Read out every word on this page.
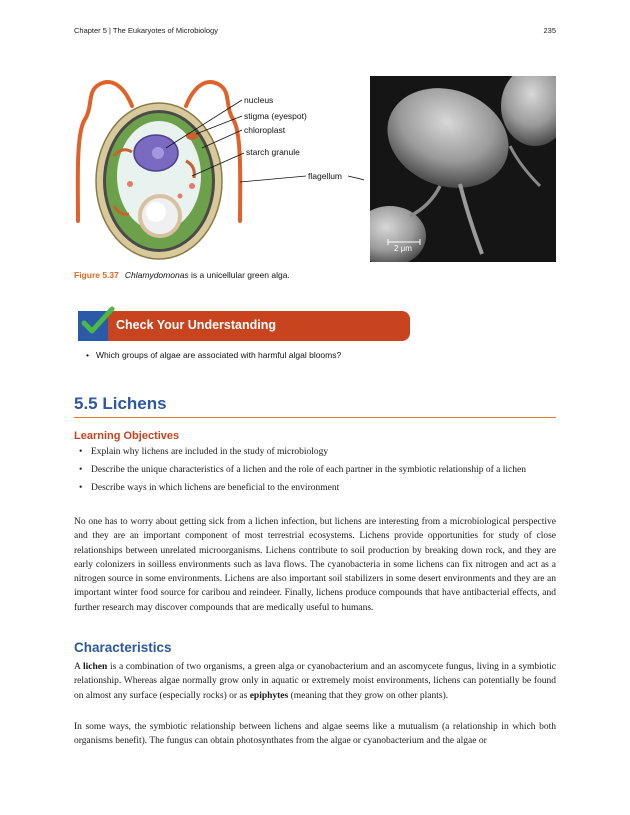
Chapter 5 | The Eukaryotes of Microbiology	235
nucleus
stigma (eyespot)
chloroplast
starch granule
flagellum
2 μm
Figure 5.37 Chlamydomonas is a unicellular green alga.
Check Your Understanding
• Which groups of algae are associated with harmful algal blooms?
5.5 Lichens
Learning Objectives
• Explain why lichens are included in the study of microbiology
• Describe the unique characteristics of a lichen and the role of each partner in the symbiotic relationship of a lichen
• Describe ways in which lichens are beneficial to the environment

No one has to worry about getting sick from a lichen infection, but lichens are interesting from a microbiological perspective and they are an important component of most terrestrial ecosystems. Lichens provide opportunities for study of close relationships between unrelated microorganisms. Lichens contribute to soil production by breaking down rock, and they are early colonizers in soilless environments such as lava flows. The cyanobacteria in some lichens can fix nitrogen and act as a nitrogen source in some environments. Lichens are also important soil stabilizers in some desert environments and they are an important winter food source for caribou and reindeer. Finally, lichens produce compounds that have antibacterial effects, and further research may discover compounds that are medically useful to humans.

Characteristics

A lichen is a combination of two organisms, a green alga or cyanobacterium and an ascomycete fungus, living in a symbiotic relationship. Whereas algae normally grow only in aquatic or extremely moist environments, lichens can potentially be found on almost any surface (especially rocks) or as epiphytes (meaning that they grow on other plants).

In some ways, the symbiotic relationship between lichens and algae seems like a mutualism (a relationship in which both organisms benefit). The fungus can obtain photosynthates from the algae or cyanobacterium and the algae or
